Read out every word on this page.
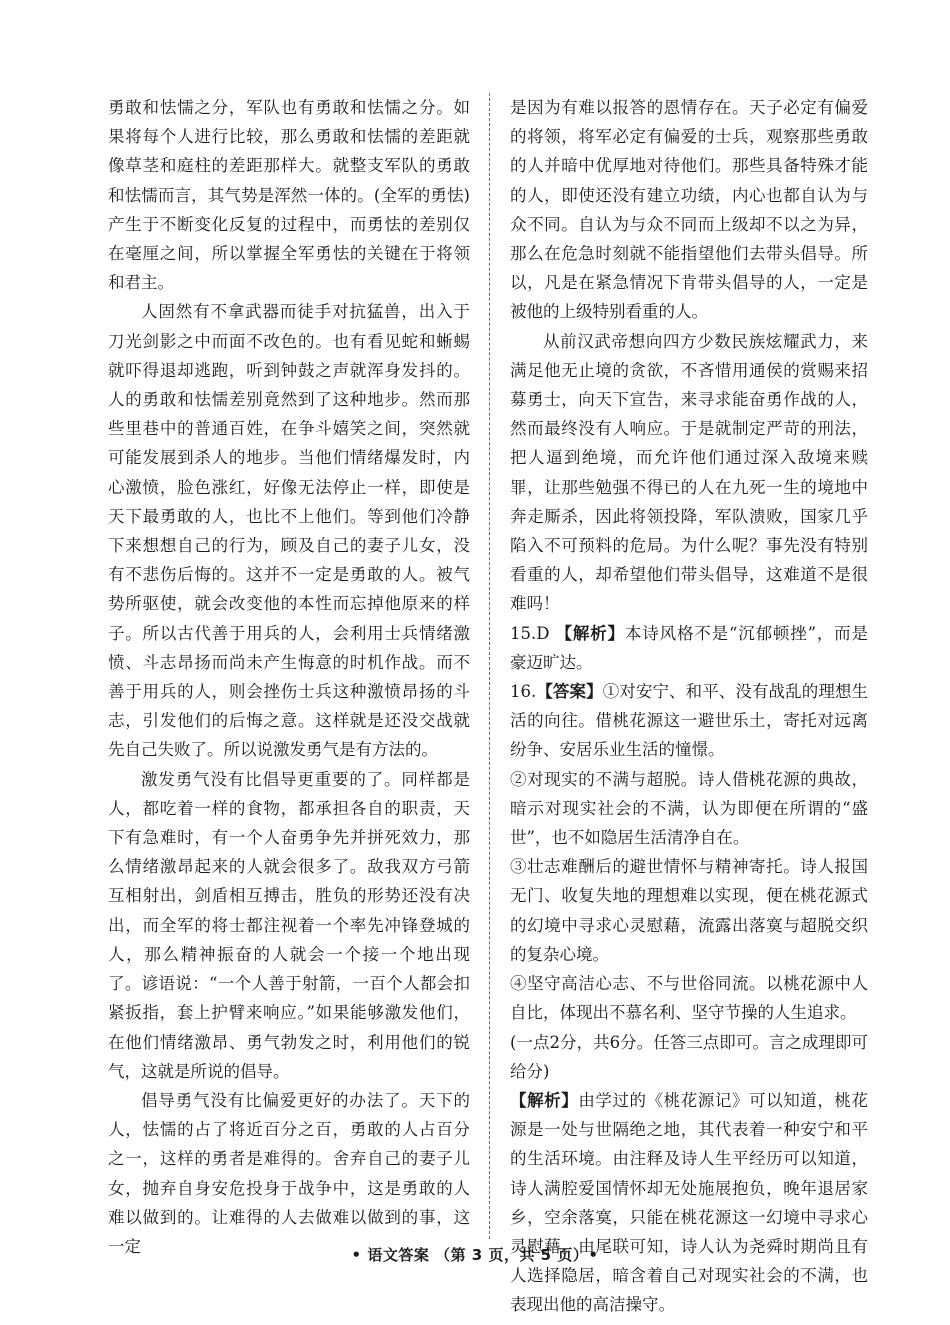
勇敢和怯懦之分，军队也有勇敢和怯懦之分。如果将每个人进行比较，那么勇敢和怯懦的差距就像草茎和庭柱的差距那样大。就整支军队的勇敢和怯懦而言，其气势是浑然一体的。(全军的勇怯)产生于不断变化反复的过程中，而勇怯的差别仅在毫厘之间，所以掌握全军勇怯的关键在于将领和君主。

人固然有不拿武器而徒手对抗猛兽，出入于刀光剑影之中而面不改色的。也有看见蛇和蜥蜴就吓得退却逃跑，听到钟鼓之声就浑身发抖的。人的勇敢和怯懦差别竟然到了这种地步。然而那些里巷中的普通百姓，在争斗嬉笑之间，突然就可能发展到杀人的地步。当他们情绪爆发时，内心激愤，脸色涨红，好像无法停止一样，即使是天下最勇敢的人，也比不上他们。等到他们冷静下来想想自己的行为，顾及自己的妻子儿女，没有不悲伤后悔的。这并不一定是勇敢的人。被气势所驱使，就会改变他的本性而忘掉他原来的样子。所以古代善于用兵的人，会利用士兵情绪激愤、斗志昂扬而尚未产生悔意的时机作战。而不善于用兵的人，则会挫伤士兵这种激愤昂扬的斗志，引发他们的后悔之意。这样就是还没交战就先自己失败了。所以说激发勇气是有方法的。

激发勇气没有比倡导更重要的了。同样都是人，都吃着一样的食物，都承担各自的职责，天下有急难时，有一个人奋勇争先并拼死效力，那么情绪激昂起来的人就会很多了。敌我双方弓箭互相射出，剑盾相互搏击，胜负的形势还没有决出，而全军的将士都注视着一个率先冲锋登城的人，那么精神振奋的人就会一个接一个地出现了。谚语说：“一个人善于射箭，一百个人都会扣紧扳指，套上护臂来响应。”如果能够激发他们，在他们情绪激昂、勇气勃发之时，利用他们的锐气，这就是所说的倡导。

倡导勇气没有比偏爱更好的办法了。天下的人，怯懦的占了将近百分之百，勇敢的人占百分之一，这样的勇者是难得的。舍弃自己的妻子儿女，抛弃自身安危投身于战争中，这是勇敢的人难以做到的。让难得的人去做难以做到的事，这一定

是因为有难以报答的恩情存在。天子必定有偏爱的将领，将军必定有偏爱的士兵，观察那些勇敢的人并暗中优厚地对待他们。那些具备特殊才能的人，即使还没有建立功绩，内心也都自认为与众不同。自认为与众不同而上级却不以之为异，那么在危急时刻就不能指望他们去带头倡导。所以，凡是在紧急情况下肯带头倡导的人，一定是被他的上级特别看重的人。

从前汉武帝想向四方少数民族炫耀武力，来满足他无止境的贪欲，不吝惜用通侯的赏赐来招募勇士，向天下宣告，来寻求能奋勇作战的人，然而最终没有人响应。于是就制定严苛的刑法，把人逼到绝境，而允许他们通过深入敌境来赎罪，让那些勉强不得已的人在九死一生的境地中奔走厮杀，因此将领投降，军队溃败，国家几乎陷入不可预料的危局。为什么呢？事先没有特别看重的人，却希望他们带头倡导，这难道不是很难吗！

15.D 【解析】本诗风格不是“沉郁顿挫”，而是豪迈旷达。

16.【答案】①对安宁、和平、没有战乱的理想生活的向往。借桃花源这一避世乐土，寄托对远离纷争、安居乐业生活的憧憬。

②对现实的不满与超脱。诗人借桃花源的典故，暗示对现实社会的不满，认为即便在所谓的“盛世”，也不如隐居生活清净自在。

③壮志难酬后的避世情怀与精神寄托。诗人报国无门、收复失地的理想难以实现，便在桃花源式的幻境中寻求心灵慰藉，流露出落寞与超脱交织的复杂心境。

④坚守高洁心志、不与世俗同流。以桃花源中人自比，体现出不慕名利、坚守节操的人生追求。

(一点2分，共6分。任答三点即可。言之成理即可给分)

【解析】由学过的《桃花源记》可以知道，桃花源是一处与世隔绝之地，其代表着一种安宁和平的生活环境。由注释及诗人生平经历可以知道，诗人满腔爱国情怀却无处施展抱负，晚年退居家乡，空余落寞，只能在桃花源这一幻境中寻求心灵慰藉。由尾联可知，诗人认为尧舜时期尚且有人选择隐居，暗含着自己对现实社会的不满，也表现出他的高洁操守。

• 语文答案 （第 3 页，共 5 页）•
